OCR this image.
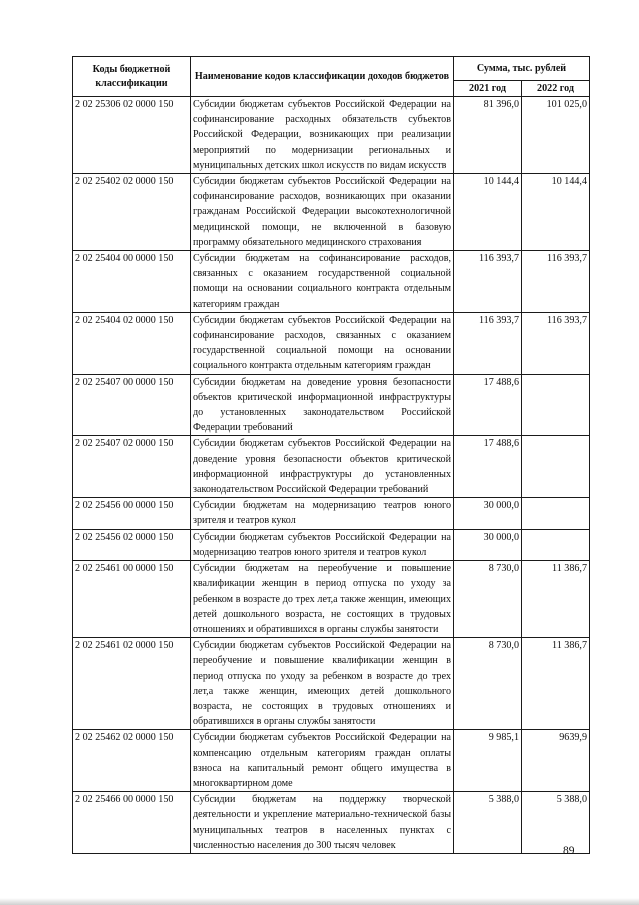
Коды бюджетной классификации	Наименование кодов классификации доходов бюджетов	Сумма, тыс. рублей	
		2021 год	2022 год
2 02 25306 02 0000 150	Субсидии бюджетам субъектов Российской Федерации на софинансирование расходных обязательств субъектов Российской Федерации, возникающих при реализации мероприятий по модернизации региональных и муниципальных детских школ искусств по видам искусств	81 396,0	101 025,0
2 02 25402 02 0000 150	Субсидии бюджетам субъектов Российской Федерации на софинансирование расходов, возникающих при оказании гражданам Российской Федерации высокотехнологичной медицинской помощи, не включенной в базовую программу обязательного медицинского страхования	10 144,4	10 144,4
2 02 25404 00 0000 150	Субсидии бюджетам на софинансирование расходов, связанных с оказанием государственной социальной помощи на основании социального контракта отдельным категориям граждан	116 393,7	116 393,7
2 02 25404 02 0000 150	Субсидии бюджетам субъектов Российской Федерации на софинансирование расходов, связанных с оказанием государственной социальной помощи на основании социального контракта отдельным категориям граждан	116 393,7	116 393,7
2 02 25407 00 0000 150	Субсидии бюджетам на доведение уровня безопасности объектов критической информационной инфраструктуры до установленных законодательством Российской Федерации требований	17 488,6	
2 02 25407 02 0000 150	Субсидии бюджетам субъектов Российской Федерации на доведение уровня безопасности объектов критической информационной инфраструктуры до установленных законодательством Российской Федерации требований	17 488,6	
2 02 25456 00 0000 150	Субсидии бюджетам на модернизацию театров юного зрителя и театров кукол	30 000,0	
2 02 25456 02 0000 150	Субсидии бюджетам субъектов Российской Федерации на модернизацию театров юного зрителя и театров кукол	30 000,0	
2 02 25461 00 0000 150	Субсидии бюджетам на переобучение и повышение квалификации женщин в период отпуска по уходу за ребенком в возрасте до трех лет,а также женщин, имеющих детей дошкольного возраста, не состоящих в трудовых отношениях и обратившихся в органы службы занятости	8 730,0	11 386,7
2 02 25461 02 0000 150	Субсидии бюджетам субъектов Российской Федерации на переобучение и повышение квалификации женщин в период отпуска по уходу за ребенком в возрасте до трех лет,а также женщин, имеющих детей дошкольного возраста, не состоящих в трудовых отношениях и обратившихся в органы службы занятости	8 730,0	11 386,7
2 02 25462 02 0000 150	Субсидии бюджетам субъектов Российской Федерации на компенсацию отдельным категориям граждан оплаты взноса на капитальный ремонт общего имущества в многоквартирном доме	9 985,1	9639,9
2 02 25466 00 0000 150	Субсидии бюджетам на поддержку творческой деятельности и укрепление материально-технической базы муниципальных театров в населенных пунктах с численностью населения до 300 тысяч человек	5 388,0	5 388,0
89
